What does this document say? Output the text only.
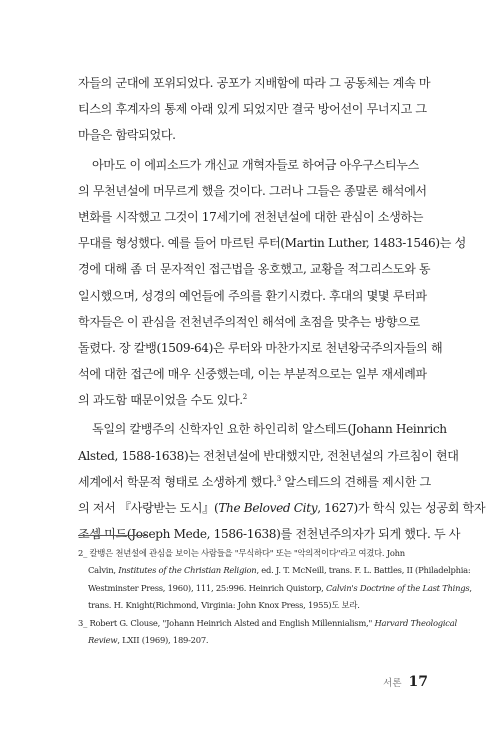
자들의 군대에 포위되었다. 공포가 지배함에 따라 그 공동체는 계속 마
티스의 후계자의 통제 아래 있게 되었지만 결국 방어선이 무너지고 그
마을은 함락되었다.
아마도 이 에피소드가 개신교 개혁자들로 하여금 아우구스티누스
의 무천년설에 머무르게 했을 것이다. 그러나 그들은 종말론 해석에서
변화를 시작했고 그것이 17세기에 전천년설에 대한 관심이 소생하는
무대를 형성했다. 예를 들어 마르틴 루터(Martin Luther, 1483-1546)는 성
경에 대해 좀 더 문자적인 접근법을 옹호했고, 교황을 적그리스도와 동
일시했으며, 성경의 예언들에 주의를 환기시켰다. 후대의 몇몇 루터파
학자들은 이 관심을 전천년주의적인 해석에 초점을 맞추는 방향으로
돌렸다. 장 칼뱅(1509-64)은 루터와 마찬가지로 천년왕국주의자들의 해
석에 대한 접근에 매우 신중했는데, 이는 부분적으로는 일부 재세례파
의 과도함 때문이었을 수도 있다.$^2$
독일의 칼뱅주의 신학자인 요한 하인리히 알스테드(Johann Heinrich
Alsted, 1588-1638)는 전천년설에 반대했지만, 전천년설의 가르침이 현대
세계에서 학문적 형태로 소생하게 했다.$^3$ 알스테드의 견해를 제시한 그
의 저서 『사랑받는 도시』(The Beloved City, 1627)가 학식 있는 성공회 학자
조셉 미드(Joseph Mede, 1586-1638)를 전천년주의자가 되게 했다. 두 사
2_ 칼뱅은 천년설에 관심을 보이는 사람들을 "무식하다" 또는 "악의적이다"라고 여겼다. John
Calvin, Institutes of the Christian Religion, ed. J. T. McNeill, trans. F. L. Battles, II (Philadelphia:
Westminster Press, 1960), 111, 25:996. Heinrich Quistorp, Calvin's Doctrine of the Last Things,
trans. H. Knight(Richmond, Virginia: John Knox Press, 1955)도 보라.
3_ Robert G. Clouse, "Johann Heinrich Alsted and English Millennialism," Harvard Theological
Review, LXII (1969), 189-207.
서론 17
